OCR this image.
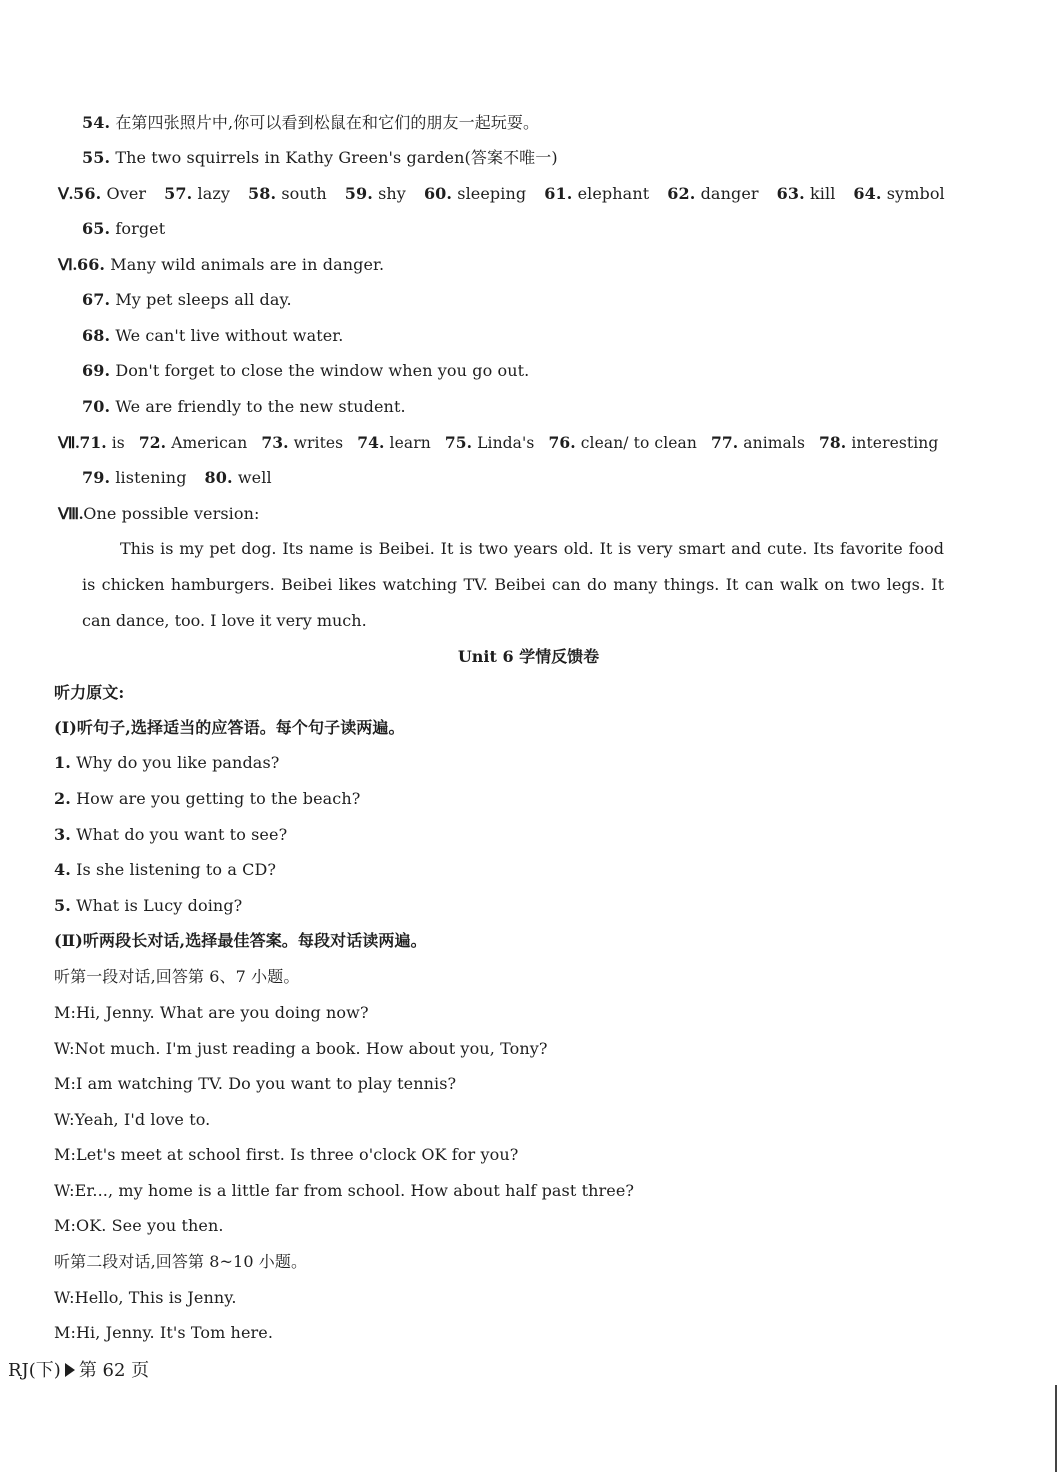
54. 在第四张照片中,你可以看到松鼠在和它们的朋友一起玩耍。
55. The two squirrels in Kathy Green's garden(答案不唯一)
Ⅴ.56. Over 57. lazy 58. south 59. shy 60. sleeping 61. elephant 62. danger 63. kill 64. symbol
65. forget
Ⅵ.66. Many wild animals are in danger.
67. My pet sleeps all day.
68. We can't live without water.
69. Don't forget to close the window when you go out.
70. We are friendly to the new student.
Ⅶ.71. is 72. American 73. writes 74. learn 75. Linda's 76. clean/ to clean 77. animals 78. interesting
79. listening 80. well
Ⅷ.One possible version:
This is my pet dog. Its name is Beibei. It is two years old. It is very smart and cute. Its favorite food is chicken hamburgers. Beibei likes watching TV. Beibei can do many things. It can walk on two legs. It can dance, too. I love it very much.
Unit 6 学情反馈卷
听力原文:
(Ⅰ)听句子,选择适当的应答语。每个句子读两遍。
1. Why do you like pandas?
2. How are you getting to the beach?
3. What do you want to see?
4. Is she listening to a CD?
5. What is Lucy doing?
(Ⅱ)听两段长对话,选择最佳答案。每段对话读两遍。
听第一段对话,回答第 6、7 小题。
M:Hi, Jenny. What are you doing now?
W:Not much. I'm just reading a book. How about you, Tony?
M:I am watching TV. Do you want to play tennis?
W:Yeah, I'd love to.
M:Let's meet at school first. Is three o'clock OK for you?
W:Er..., my home is a little far from school. How about half past three?
M:OK. See you then.
听第二段对话,回答第 8~10 小题。
W:Hello, This is Jenny.
M:Hi, Jenny. It's Tom here.
RJ(下) 第 62 页
